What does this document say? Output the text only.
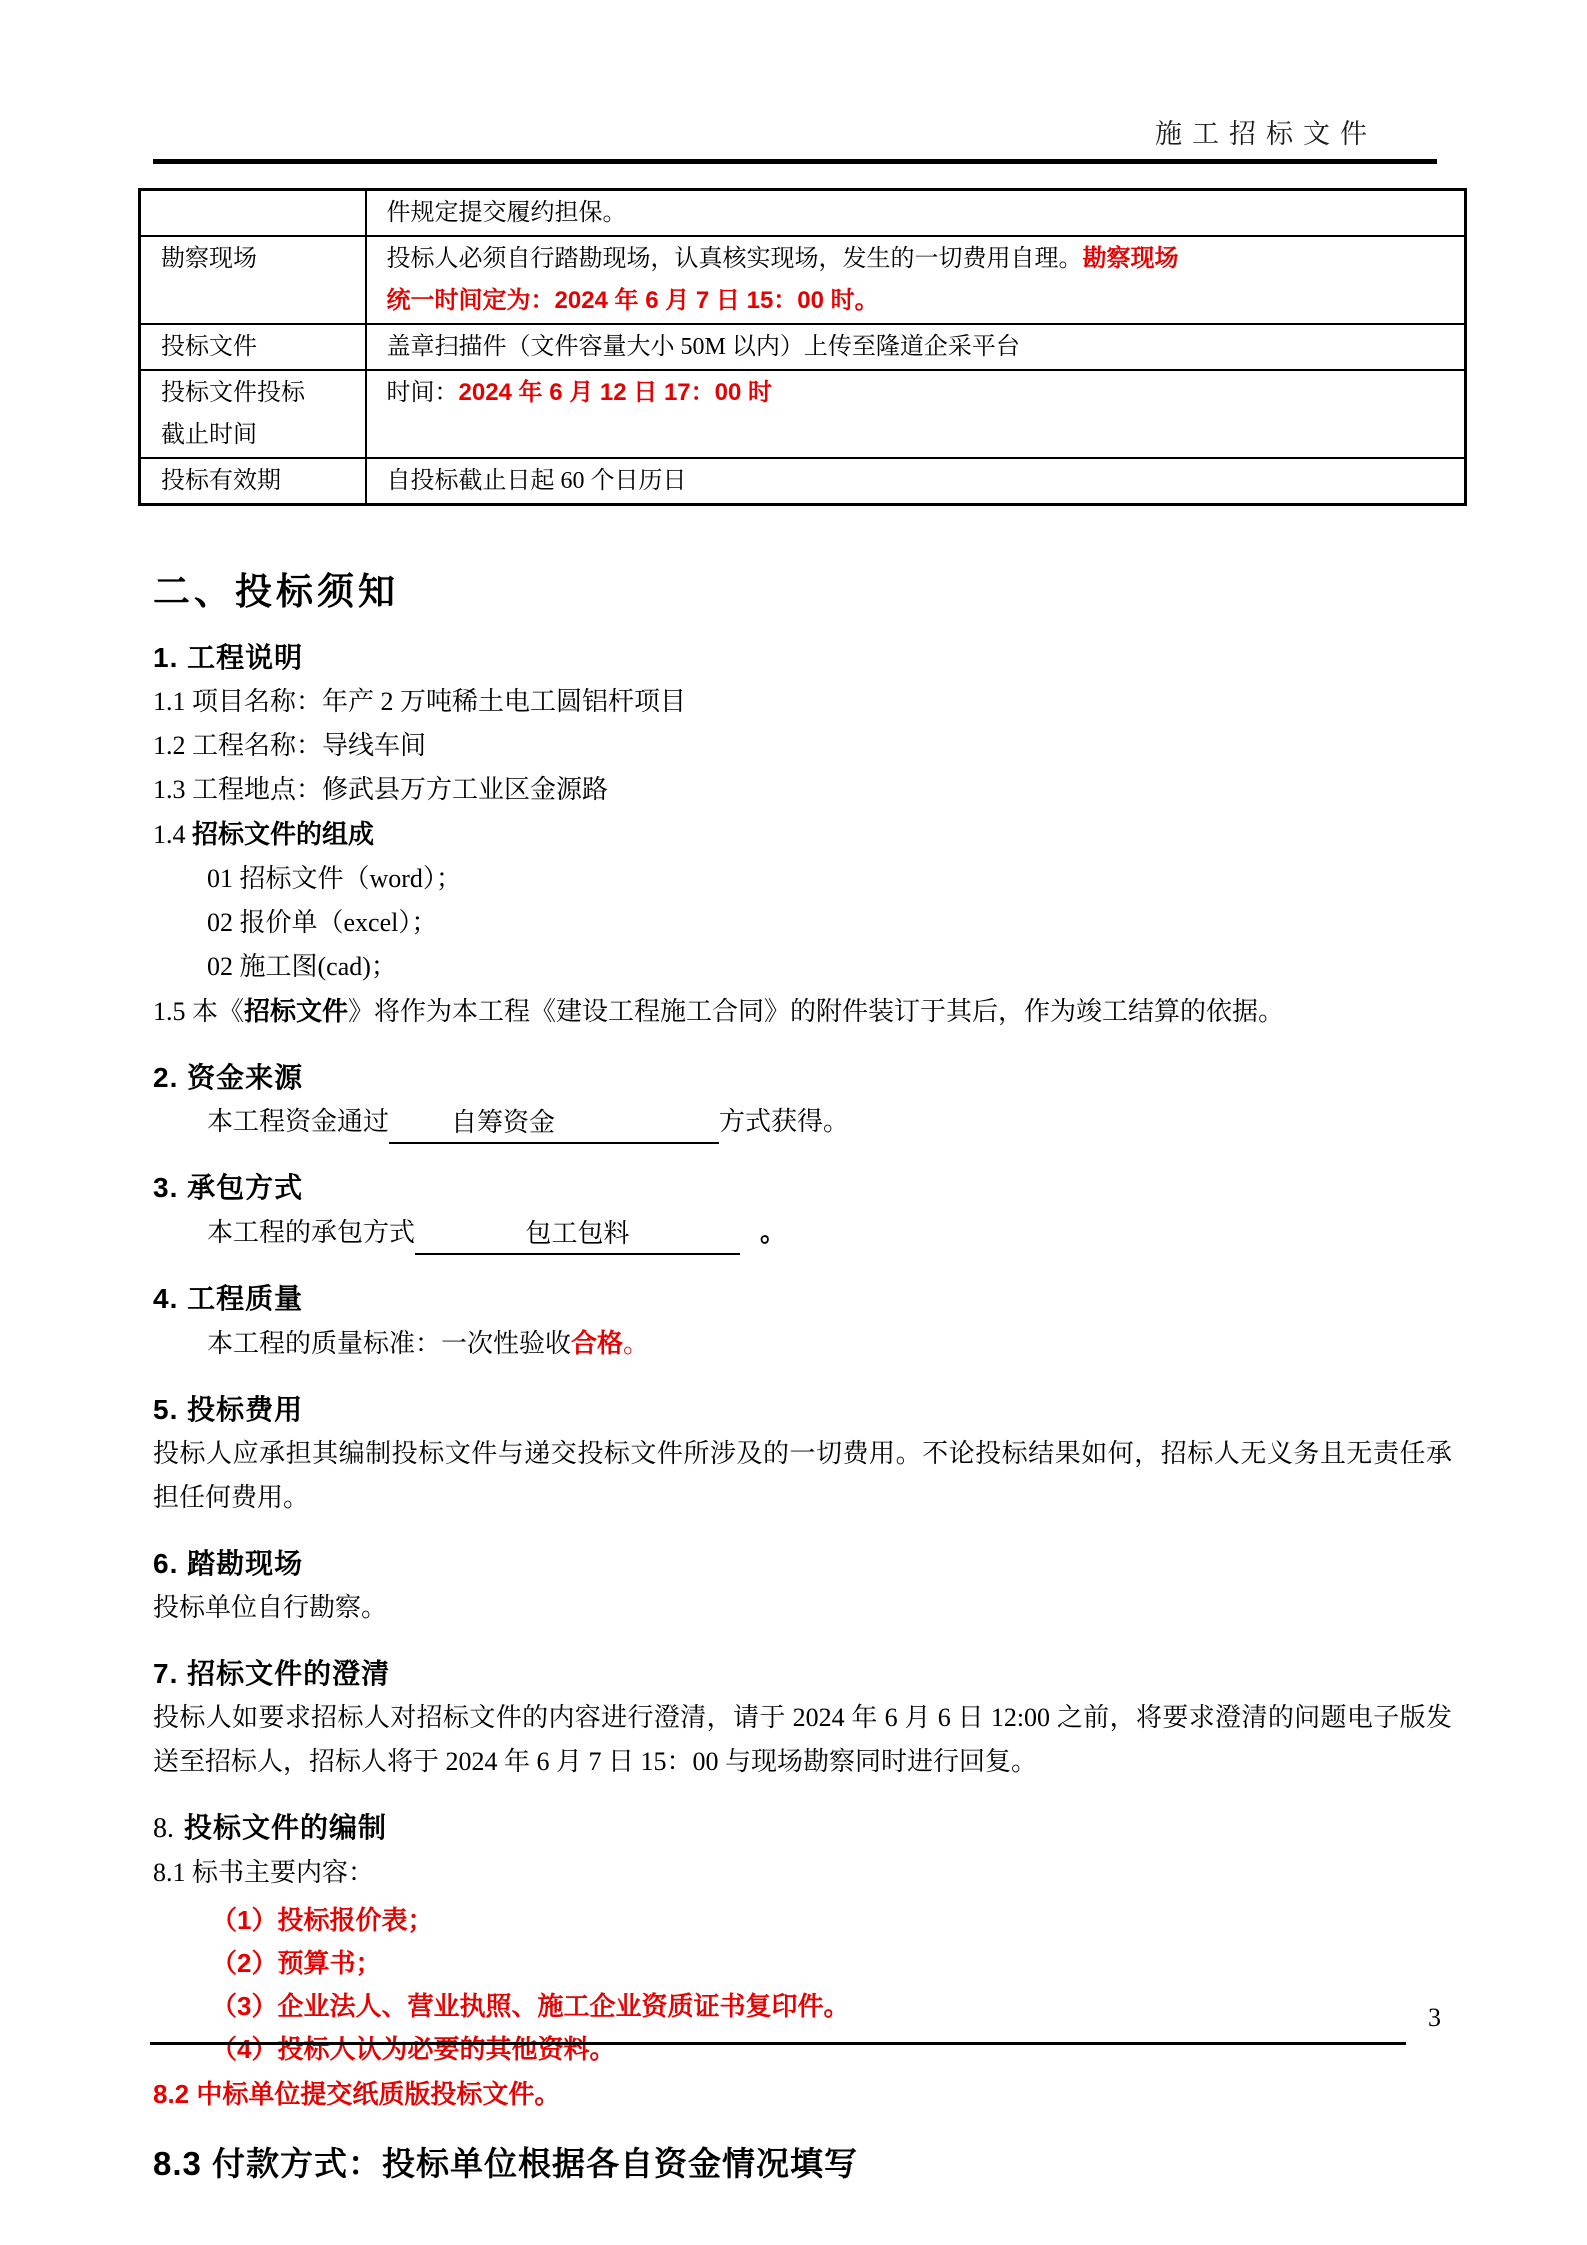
施工招标文件
	件规定提交履约担保。
勘察现场	投标人必须自行踏勘现场，认真核实现场，发生的一切费用自理。勘察现场
统一时间定为：2024 年 6 月 7 日 15：00 时。

投标文件	盖章扫描件（文件容量大小 50M 以内）上传至隆道企采平台
投标文件投标截止时间	时间：2024 年 6 月 12 日 17：00 时
投标有效期	自投标截止日起 60 个日历日
二、投标须知
1. 工程说明
1.1 项目名称：年产 2 万吨稀土电工圆铝杆项目
1.2 工程名称：导线车间
1.3 工程地点：修武县万方工业区金源路
1.4 招标文件的组成
01 招标文件（word）；
02 报价单（excel）；
02 施工图(cad)；
1.5 本《招标文件》将作为本工程《建设工程施工合同》的附件装订于其后，作为竣工结算的依据。
2. 资金来源
本工程资金通过 自筹资金	方式获得。
3. 承包方式
本工程的承包方式	包工包料	。
4. 工程质量
本工程的质量标准：一次性验收合格。
5. 投标费用
投标人应承担其编制投标文件与递交投标文件所涉及的一切费用。不论投标结果如何，招标人无义务且无责任承担任何费用。
6. 踏勘现场
投标单位自行勘察。
7. 招标文件的澄清
投标人如要求招标人对招标文件的内容进行澄清，请于 2024 年 6 月 6 日 12:00 之前，将要求澄清的问题电子版发送至招标人，招标人将于 2024 年 6 月 7 日 15：00 与现场勘察同时进行回复。
8. 投标文件的编制
8.1 标书主要内容：
（1）投标报价表；
（2）预算书；
（3）企业法人、营业执照、施工企业资质证书复印件。
（4）投标人认为必要的其他资料。
8.2 中标单位提交纸质版投标文件。
8.3 付款方式：投标单位根据各自资金情况填写
3
